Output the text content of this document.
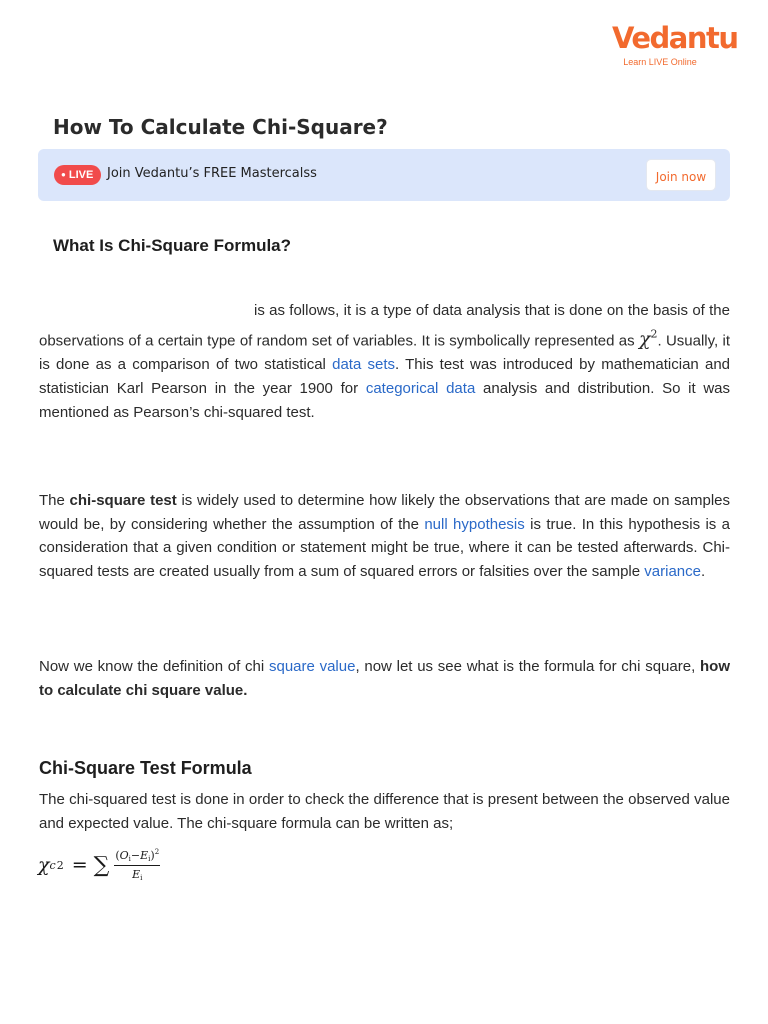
Vedantu
Learn LIVE Online
How To Calculate Chi-Square?
● LIVE	Join Vedantu’s FREE Mastercalss	Join now
What Is Chi-Square Formula?

is as follows, it is a type of data analysis that is done on the basis of the observations of a certain type of random set of variables. It is symbolically represented as $\chi^2$. Usually, it is done as a comparison of two statistical data sets. This test was introduced by mathematician and statistician Karl Pearson in the year 1900 for categorical data analysis and distribution. So it was mentioned as Pearson’s chi-squared test.

The chi-square test is widely used to determine how likely the observations that are made on samples would be, by considering whether the assumption of the null hypothesis is true. In this hypothesis is a consideration that a given condition or statement might be true, where it can be tested afterwards. Chi-squared tests are created usually from a sum of squared errors or falsities over the sample variance.

Now we know the definition of chi square value, now let us see what is the formula for chi square, how to calculate chi square value.

Chi-Square Test Formula

The chi-squared test is done in order to check the difference that is present between the observed value and expected value. The chi-square formula can be written as;

χ c 2 = ∑ $\frac{(Oi-Ei)^2}{Ei}$
